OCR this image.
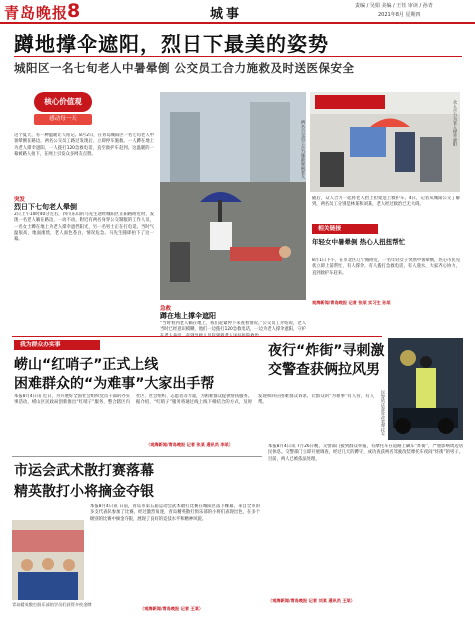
青岛晚报
8	城事
责编 / 吴娟 美编 / 王钰 审读 / 孙青
2021年8月 星期四
蹲地撑伞遮阳，烈日下最美的姿势
城阳区一名七旬老人中暑晕倒 公交员工合力施救及时送医保安全
核心价值观
感动每一天
这个夏天，有一种温暖让人铭记。8月2日，在青岛城阳区一名七旬老人中暑晕倒在路边，两名公交员工路过发现后，立即停车施救。一人蹲在地上为老人撑伞遮阳，一人拨打120急救电话，直至救护车赶到。这温暖的一幕被路人拍下，在网上引发众多网友点赞。
突发
烈日下七旬老人晕倒
2日上午10时40分左右，四川乐山的马先生途经城阳区正阳路附近时，发现一名老人躺在路边，一动不动。附近有两名身穿公交制服的工作人员，一名女士蹲在地上为老人撑伞遮挡阳光，另一名男士正在打电话。当时气温很高，地面滚烫，老人面色苍白，情况危急。马先生随即拍下了这一幕。
两名公交员工合力施救晕倒老人	众人合力为老人撑伞遮阳
随后，众人合力一起将老人抬上担架送上救护车。4日，记者从城阳公交了解到，两名员工分别是林某和刘某，老人经过救治已无大碍。
相关链接
年轻女中暑晕倒 热心人扭扭帮忙
8月1日下午，在市北区辽宁路附近，一名年轻女子突然中暑晕倒，热心市民见状立即上前帮忙，有人撑伞，有人拨打急救电话，有人递水，大家齐心协力，直到救护车赶来。
观海新闻/青岛晚报 记者 张某 实习生 孙某
急救
蹲在地上撑伞遮阳
“当时看到老人躺在地上，我们赶紧停下来查看情况。”公交员工介绍说，老人当时已经意识模糊，他们一边拨打120急救电话，一边为老人撑伞遮阳，守护
我为群众办实事
崂山“红哨子”正式上线
困难群众的“为难事”大家出手帮
本报8月4日讯 近日，为开展好全国社会组织党员干部的办实事活动，崂山区民政局创新推出“红哨子”服务，整合辖区内社区、社会组织、志愿者等力量，为困难群众提供帮扶服务。据介绍，“红哨子”服务将通过线上线下相结合的方式，及时发现和回应困难群众诉求，让群众的“为难事”有人管、有人帮。
（观海新闻/青岛晚报 记者 张某 通讯员 李某）
夜行“炸街”寻刺激
交警查获俩拉风男
民警依法查处改装摩托车
本报8月4日讯 7月26日晚，交警部门接到群众举报，有摩托车在道路上飙车“炸街”，严重影响周边居民休息。交警部门立即开展调查，经过几天的蹲守，成功查获两名驾驶改装摩托车夜间“炸街”的男子。目前，两人已被依法处理。
（观海新闻/青岛晚报 记者 刘某 通讯员 王某）
市运会武术散打赛落幕
精英散打小将摘金夺银
青岛精英散打俱乐部的学员们获得多枚金牌
本报8月4日讯 日前，青岛市第五届运动会武术散打比赛在城阳区落下帷幕，来自全市的多支代表队参加了比赛。经过激烈角逐，青岛精英散打俱乐部的小将们表现出色，在多个级别的比赛中摘金夺银，展现了良好的竞技水平和精神风貌。
（观海新闻/青岛晚报 记者 王某）
